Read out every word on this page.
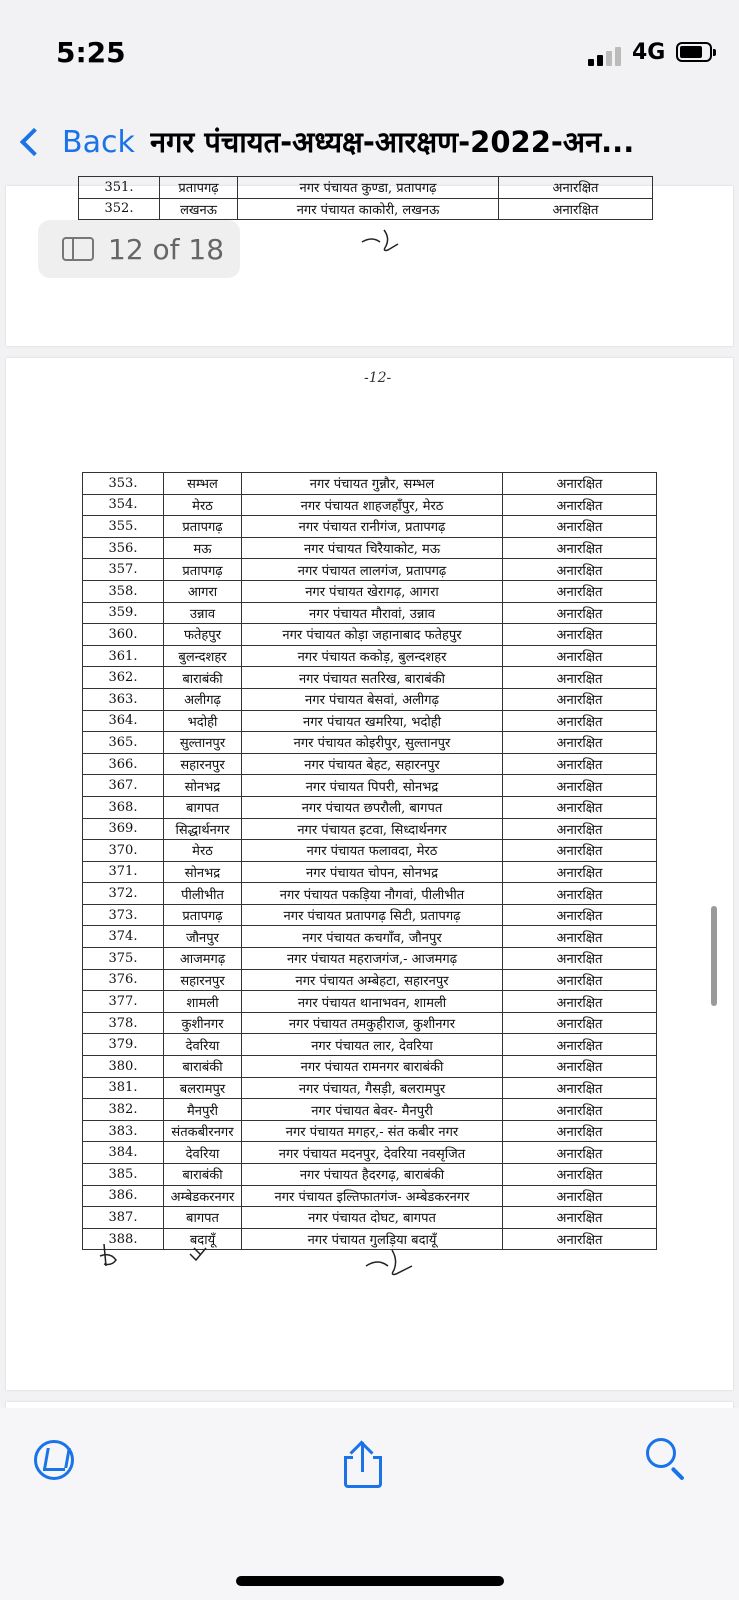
5:25	4G
Back नगर पंचायत-अध्यक्ष-आरक्षण-2022-अन...
351.	प्रतापगढ़	नगर पंचायत कुण्डा, प्रतापगढ़	अनारक्षित
352.	लखनऊ	नगर पंचायत काकोरी, लखनऊ	अनारक्षित
12 of 18
-12-
353.	सम्भल	नगर पंचायत गुन्नौर, सम्भल	अनारक्षित
354.	मेरठ	नगर पंचायत शाहजहाँपुर, मेरठ	अनारक्षित
355.	प्रतापगढ़	नगर पंचायत रानीगंज, प्रतापगढ़	अनारक्षित
356.	मऊ	नगर पंचायत चिरैयाकोट, मऊ	अनारक्षित
357.	प्रतापगढ़	नगर पंचायत लालगंज, प्रतापगढ़	अनारक्षित
358.	आगरा	नगर पंचायत खेरागढ़, आगरा	अनारक्षित
359.	उन्नाव	नगर पंचायत मौरावां, उन्नाव	अनारक्षित
360.	फतेहपुर	नगर पंचायत कोड़ा जहानाबाद फतेहपुर	अनारक्षित
361.	बुलन्दशहर	नगर पंचायत ककोड़, बुलन्दशहर	अनारक्षित
362.	बाराबंकी	नगर पंचायत सतरिख, बाराबंकी	अनारक्षित
363.	अलीगढ़	नगर पंचायत बेसवां, अलीगढ़	अनारक्षित
364.	भदोही	नगर पंचायत खमरिया, भदोही	अनारक्षित
365.	सुल्तानपुर	नगर पंचायत कोइरीपुर, सुल्तानपुर	अनारक्षित
366.	सहारनपुर	नगर पंचायत बेहट, सहारनपुर	अनारक्षित
367.	सोनभद्र	नगर पंचायत पिपरी, सोनभद्र	अनारक्षित
368.	बागपत	नगर पंचायत छपरौली, बागपत	अनारक्षित
369.	सिद्धार्थनगर	नगर पंचायत इटवा, सिध्दार्थनगर	अनारक्षित
370.	मेरठ	नगर पंचायत फलावदा, मेरठ	अनारक्षित
371.	सोनभद्र	नगर पंचायत चोपन, सोनभद्र	अनारक्षित
372.	पीलीभीत	नगर पंचायत पकड़िया नौगवां, पीलीभीत	अनारक्षित
373.	प्रतापगढ़	नगर पंचायत प्रतापगढ़ सिटी, प्रतापगढ़	अनारक्षित
374.	जौनपुर	नगर पंचायत कचगाँव, जौनपुर	अनारक्षित
375.	आजमगढ़	नगर पंचायत महराजगंज,- आजमगढ़	अनारक्षित
376.	सहारनपुर	नगर पंचायत अम्बेहटा, सहारनपुर	अनारक्षित
377.	शामली	नगर पंचायत थानाभवन, शामली	अनारक्षित
378.	कुशीनगर	नगर पंचायत तमकुहीराज, कुशीनगर	अनारक्षित
379.	देवरिया	नगर पंचायत लार, देवरिया	अनारक्षित
380.	बाराबंकी	नगर पंचायत रामनगर बाराबंकी	अनारक्षित
381.	बलरामपुर	नगर पंचायत, गैसड़ी, बलरामपुर	अनारक्षित
382.	मैनपुरी	नगर पंचायत बेवर- मैनपुरी	अनारक्षित
383.	संतकबीरनगर	नगर पंचायत मगहर,- संत कबीर नगर	अनारक्षित
384.	देवरिया	नगर पंचायत मदनपुर, देवरिया नवसृजित	अनारक्षित
385.	बाराबंकी	नगर पंचायत हैदरगढ़, बाराबंकी	अनारक्षित
386.	अम्बेडकरनगर	नगर पंचायत इल्तिफातगंज- अम्बेडकरनगर	अनारक्षित
387.	बागपत	नगर पंचायत दोघट, बागपत	अनारक्षित
388.	बदायूँ	नगर पंचायत गुलड़िया बदायूँ	अनारक्षित
